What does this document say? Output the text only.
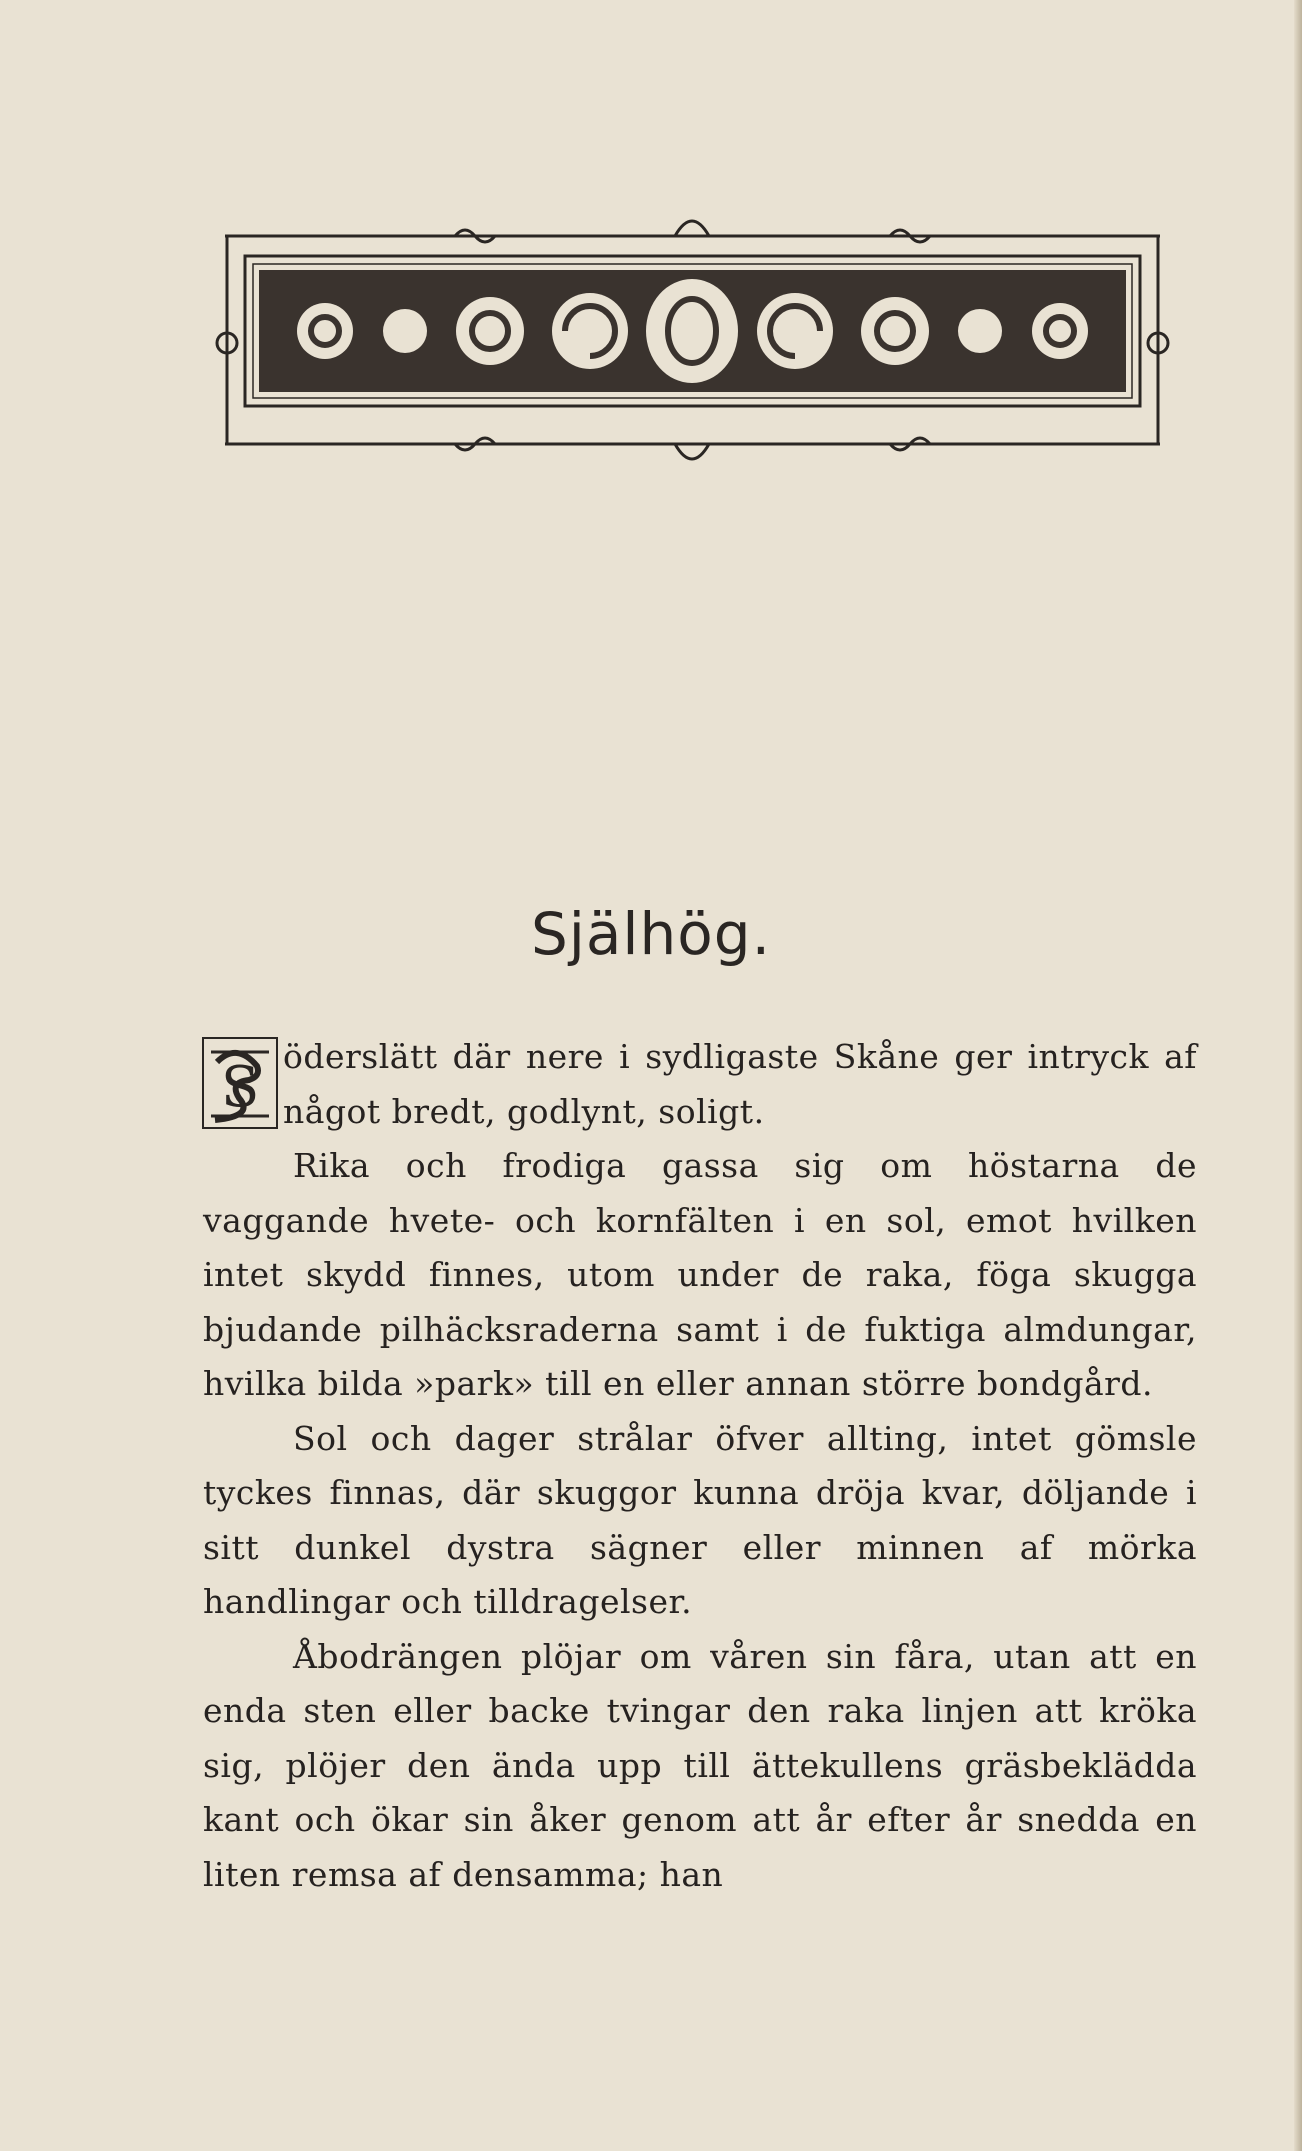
Själhög.

S öderslätt där nere i sydligaste Skåne ger intryck af något bredt, godlynt, soligt.

Rika och frodiga gassa sig om höstarna de vaggande hvete- och kornfälten i en sol, emot hvilken intet skydd finnes, utom under de raka, föga skugga bjudande pilhäcksraderna samt i de fuktiga almdungar, hvilka bilda »park» till en eller annan större bondgård.

Sol och dager strålar öfver allting, intet gömsle tyckes finnas, där skuggor kunna dröja kvar, döljande i sitt dunkel dystra sägner eller minnen af mörka handlingar och tilldragelser.

Åbodrängen plöjar om våren sin fåra, utan att en enda sten eller backe tvingar den raka linjen att kröka sig, plöjer den ända upp till ättekullens gräsbeklädda kant och ökar sin åker genom att år efter år snedda en liten remsa af densamma; han
